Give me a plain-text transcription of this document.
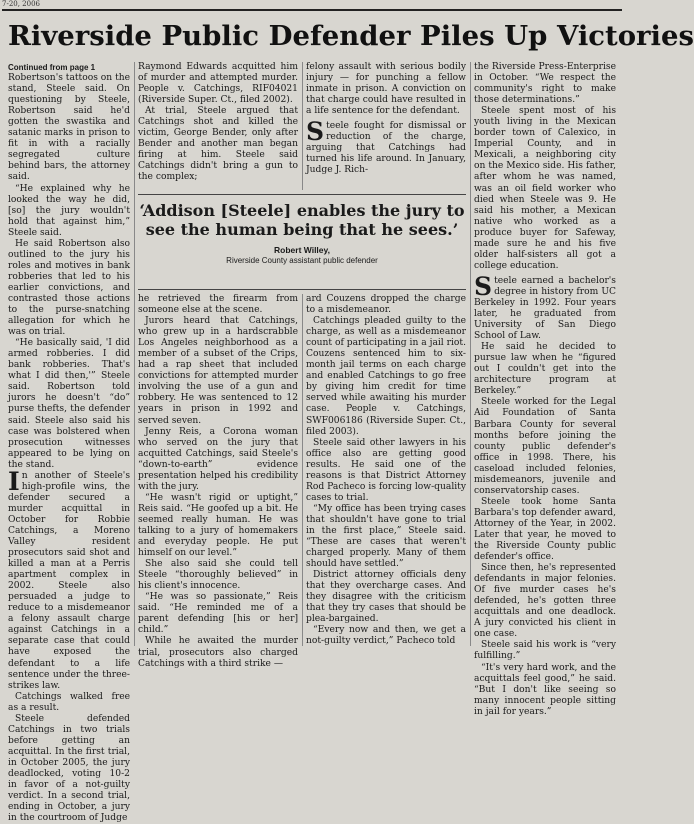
7-20, 2006
Riverside Public Defender Piles Up Victories

Continued from page 1

Robertson's tattoos on the stand, Steele said. On questioning by Steele, Robertson said he'd gotten the swastika and satanic marks in prison to fit in with a racially segregated culture behind bars, the attorney said.

“He explained why he looked the way he did, [so] the jury wouldn't hold that against him,” Steele said.

He said Robertson also outlined to the jury his roles and motives in bank robberies that led to his earlier convictions, and contrasted those actions to the purse-snatching allegation for which he was on trial.

“He basically said, 'I did armed robberies. I did bank robberies. That's what I did then,'” Steele said. Robertson told jurors he doesn't “do” purse thefts, the defender said. Steele also said his case was bolstered when prosecution witnesses appeared to be lying on the stand.

In another of Steele's high-profile wins, the defender secured a murder acquittal in October for Robbie Catchings, a Moreno Valley resident prosecutors said shot and killed a man at a Perris apartment complex in 2002. Steele also persuaded a judge to reduce to a misdemeanor a felony assault charge against Catchings in a separate case that could have exposed the defendant to a life sentence under the three-strikes law.

Catchings walked free as a result.

Steele defended Catchings in two trials before getting an acquittal. In the first trial, in October 2005, the jury deadlocked, voting 10-2 in favor of a not-guilty verdict. In a second trial, ending in October, a jury in the courtroom of Judge

Raymond Edwards acquitted him of murder and attempted murder. People v. Catchings, RIF04021 (Riverside Super. Ct., filed 2002).

At trial, Steele argued that Catchings shot and killed the victim, George Bender, only after Bender and another man began firing at him. Steele said Catchings didn't bring a gun to the complex;

felony assault with serious bodily injury — for punching a fellow inmate in prison. A conviction on that charge could have resulted in a life sentence for the defendant.

Steele fought for dismissal or reduction of the charge, arguing that Catchings had turned his life around. In January, Judge J. Rich-

‘Addison [Steele] enables the jury to see the human being that he sees.’
Robert Willey,
Riverside County assistant public defender

he retrieved the firearm from someone else at the scene.

Jurors heard that Catchings, who grew up in a hardscrabble Los Angeles neighborhood as a member of a subset of the Crips, had a rap sheet that included convictions for attempted murder involving the use of a gun and robbery. He was sentenced to 12 years in prison in 1992 and served seven.

Jenny Reis, a Corona woman who served on the jury that acquitted Catchings, said Steele's “down-to-earth” evidence presentation helped his credibility with the jury.

“He wasn't rigid or uptight,” Reis said. “He goofed up a bit. He seemed really human. He was talking to a jury of homemakers and everyday people. He put himself on our level.”

She also said she could tell Steele “thoroughly believed” in his client's innocence.

“He was so passionate,” Reis said. “He reminded me of a parent defending [his or her] child.”

While he awaited the murder trial, prosecutors also charged Catchings with a third strike —

ard Couzens dropped the charge to a misdemeanor.

Catchings pleaded guilty to the charge, as well as a misdemeanor count of participating in a jail riot. Couzens sentenced him to six-month jail terms on each charge and enabled Catchings to go free by giving him credit for time served while awaiting his murder case. People v. Catchings, SWF006186 (Riverside Super. Ct., filed 2003).

Steele said other lawyers in his office also are getting good results. He said one of the reasons is that District Attorney Rod Pacheco is forcing low-quality cases to trial.

“My office has been trying cases that shouldn't have gone to trial in the first place,” Steele said. “These are cases that weren't charged properly. Many of them should have settled.”

District attorney officials deny that they overcharge cases. And they disagree with the criticism that they try cases that should be plea-bargained.

“Every now and then, we get a not-guilty verdict,” Pacheco told

the Riverside Press-Enterprise in October. “We respect the community's right to make those determinations.”

Steele spent most of his youth living in the Mexican border town of Calexico, in Imperial County, and in Mexicali, a neighboring city on the Mexico side. His father, after whom he was named, was an oil field worker who died when Steele was 9. He said his mother, a Mexican native who worked as a produce buyer for Safeway, made sure he and his five older half-sisters all got a college education.

Steele earned a bachelor's degree in history from UC Berkeley in 1992. Four years later, he graduated from University of San Diego School of Law.

He said he decided to pursue law when he “figured out I couldn't get into the architecture program at Berkeley.”

Steele worked for the Legal Aid Foundation of Santa Barbara County for several months before joining the county public defender's office in 1998. There, his caseload included felonies, misdemeanors, juvenile and conservatorship cases.

Steele took home Santa Barbara's top defender award, Attorney of the Year, in 2002. Later that year, he moved to the Riverside County public defender's office.

Since then, he's represented defendants in major felonies. Of five murder cases he's defended, he's gotten three acquittals and one deadlock. A jury convicted his client in one case.

Steele said his work is “very fulfilling.”

“It's very hard work, and the acquittals feel good,” he said. “But I don't like seeing so many innocent people sitting in jail for years.”
